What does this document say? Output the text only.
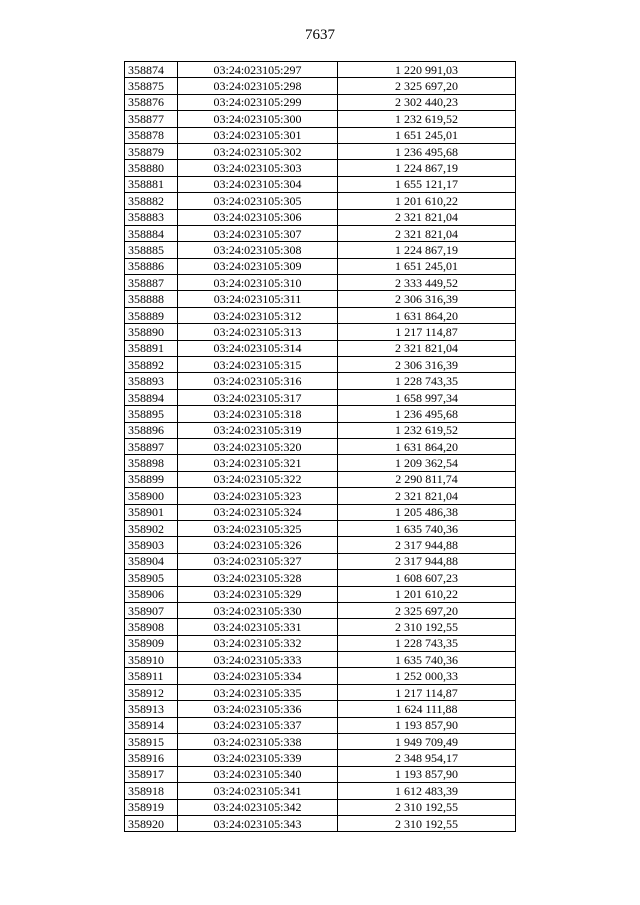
7637
358874	03:24:023105:297	1 220 991,03
358875	03:24:023105:298	2 325 697,20
358876	03:24:023105:299	2 302 440,23
358877	03:24:023105:300	1 232 619,52
358878	03:24:023105:301	1 651 245,01
358879	03:24:023105:302	1 236 495,68
358880	03:24:023105:303	1 224 867,19
358881	03:24:023105:304	1 655 121,17
358882	03:24:023105:305	1 201 610,22
358883	03:24:023105:306	2 321 821,04
358884	03:24:023105:307	2 321 821,04
358885	03:24:023105:308	1 224 867,19
358886	03:24:023105:309	1 651 245,01
358887	03:24:023105:310	2 333 449,52
358888	03:24:023105:311	2 306 316,39
358889	03:24:023105:312	1 631 864,20
358890	03:24:023105:313	1 217 114,87
358891	03:24:023105:314	2 321 821,04
358892	03:24:023105:315	2 306 316,39
358893	03:24:023105:316	1 228 743,35
358894	03:24:023105:317	1 658 997,34
358895	03:24:023105:318	1 236 495,68
358896	03:24:023105:319	1 232 619,52
358897	03:24:023105:320	1 631 864,20
358898	03:24:023105:321	1 209 362,54
358899	03:24:023105:322	2 290 811,74
358900	03:24:023105:323	2 321 821,04
358901	03:24:023105:324	1 205 486,38
358902	03:24:023105:325	1 635 740,36
358903	03:24:023105:326	2 317 944,88
358904	03:24:023105:327	2 317 944,88
358905	03:24:023105:328	1 608 607,23
358906	03:24:023105:329	1 201 610,22
358907	03:24:023105:330	2 325 697,20
358908	03:24:023105:331	2 310 192,55
358909	03:24:023105:332	1 228 743,35
358910	03:24:023105:333	1 635 740,36
358911	03:24:023105:334	1 252 000,33
358912	03:24:023105:335	1 217 114,87
358913	03:24:023105:336	1 624 111,88
358914	03:24:023105:337	1 193 857,90
358915	03:24:023105:338	1 949 709,49
358916	03:24:023105:339	2 348 954,17
358917	03:24:023105:340	1 193 857,90
358918	03:24:023105:341	1 612 483,39
358919	03:24:023105:342	2 310 192,55
358920	03:24:023105:343	2 310 192,55
